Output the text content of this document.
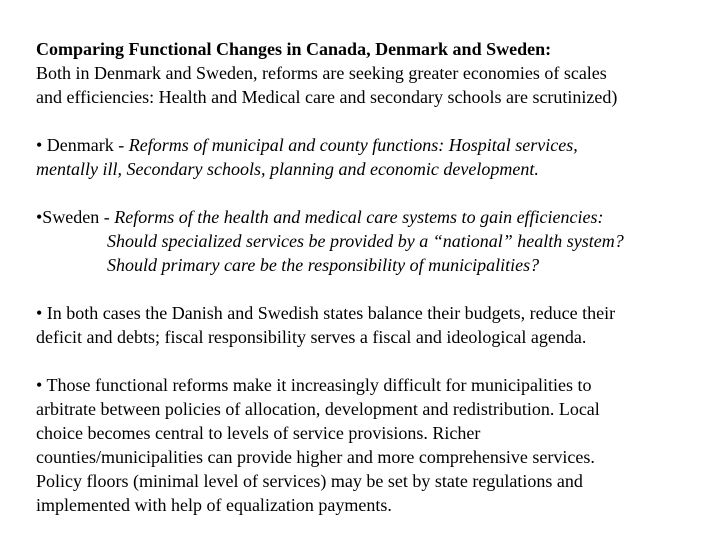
Comparing Functional Changes in Canada, Denmark and Sweden:
Both in Denmark and Sweden, reforms are seeking greater economies of scales
and efficiencies: Health and Medical care and secondary schools are scrutinized)
• Denmark - Reforms of municipal and county functions: Hospital services,
mentally ill, Secondary schools, planning and economic development.
•Sweden - Reforms of the health and medical care systems to gain efficiencies:
Should specialized services be provided by a “national” health system?
Should primary care be the responsibility of municipalities?
• In both cases the Danish and Swedish states balance their budgets, reduce their
deficit and debts; fiscal responsibility serves a fiscal and ideological agenda.
• Those functional reforms make it increasingly difficult for municipalities to
arbitrate between policies of allocation, development and redistribution. Local
choice becomes central to levels of service provisions. Richer
counties/municipalities can provide higher and more comprehensive services.
Policy floors (minimal level of services) may be set by state regulations and
implemented with help of equalization payments.
